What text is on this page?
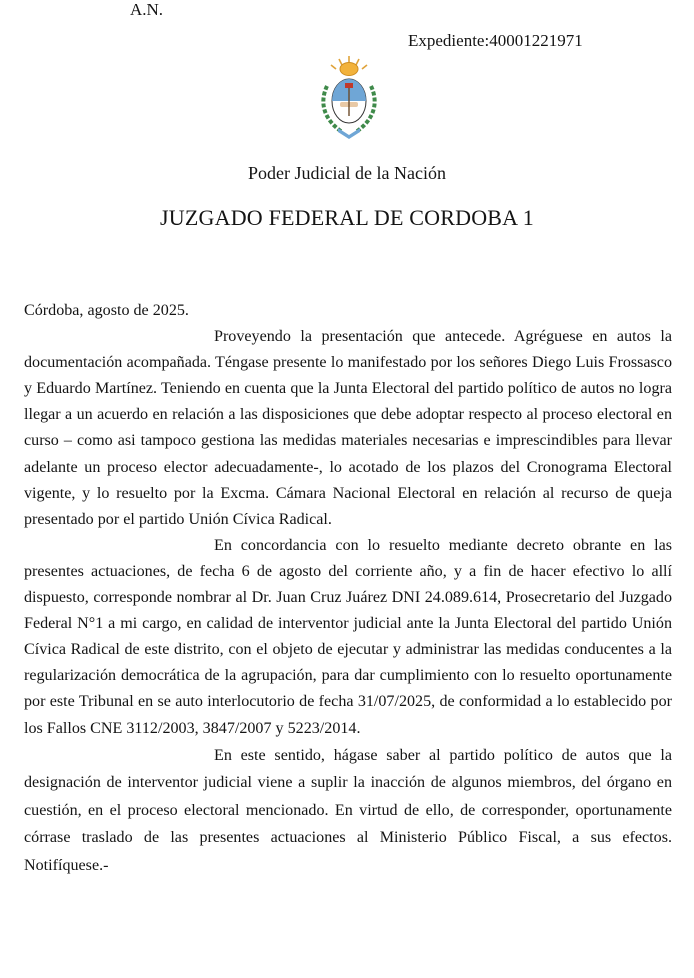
A.N.
Expediente:40001221971
Poder Judicial de la Nación
JUZGADO FEDERAL DE CORDOBA 1

Córdoba, agosto de 2025.

Proveyendo la presentación que antecede. Agréguese en autos la documentación acompañada. Téngase presente lo manifestado por los señores Diego Luis Frossasco y Eduardo Martínez. Teniendo en cuenta que la Junta Electoral del partido político de autos no logra llegar a un acuerdo en relación a las disposiciones que debe adoptar respecto al proceso electoral en curso – como asi tampoco gestiona las medidas materiales necesarias e imprescindibles para llevar adelante un proceso elector adecuadamente-, lo acotado de los plazos del Cronograma Electoral vigente, y lo resuelto por la Excma. Cámara Nacional Electoral en relación al recurso de queja presentado por el partido Unión Cívica Radical.

En concordancia con lo resuelto mediante decreto obrante en las presentes actuaciones, de fecha 6 de agosto del corriente año, y a fin de hacer efectivo lo allí dispuesto, corresponde nombrar al Dr. Juan Cruz Juárez DNI 24.089.614, Prosecretario del Juzgado Federal N°1 a mi cargo, en calidad de interventor judicial ante la Junta Electoral del partido Unión Cívica Radical de este distrito, con el objeto de ejecutar y administrar las medidas conducentes a la regularización democrática de la agrupación, para dar cumplimiento con lo resuelto oportunamente por este Tribunal en se auto interlocutorio de fecha 31/07/2025, de conformidad a lo establecido por los Fallos CNE 3112/2003, 3847/2007 y 5223/2014.

En este sentido, hágase saber al partido político de autos que la designación de interventor judicial viene a suplir la inacción de algunos miembros, del órgano en cuestión, en el proceso electoral mencionado. En virtud de ello, de corresponder, oportunamente córrase traslado de las presentes actuaciones al Ministerio Público Fiscal, a sus efectos. Notifíquese.-
